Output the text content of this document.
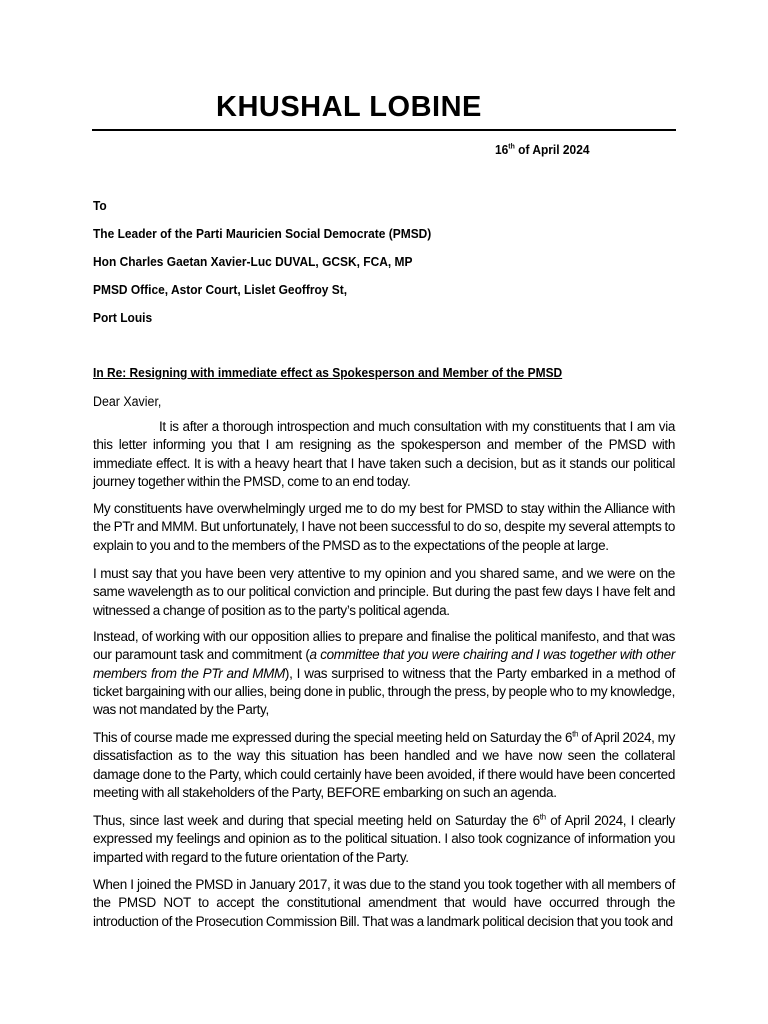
KHUSHAL LOBINE
16th of April 2024
To
The Leader of the Parti Mauricien Social Democrate (PMSD)
Hon Charles Gaetan Xavier-Luc DUVAL, GCSK, FCA, MP
PMSD Office, Astor Court, Lislet Geoffroy St,
Port Louis
In Re: Resigning with immediate effect as Spokesperson and Member of the PMSD
Dear Xavier,
It is after a thorough introspection and much consultation with my constituents that I am via this letter informing you that I am resigning as the spokesperson and member of the PMSD with immediate effect. It is with a heavy heart that I have taken such a decision, but as it stands our political journey together within the PMSD, come to an end today.
My constituents have overwhelmingly urged me to do my best for PMSD to stay within the Alliance with the PTr and MMM. But unfortunately, I have not been successful to do so, despite my several attempts to explain to you and to the members of the PMSD as to the expectations of the people at large.
I must say that you have been very attentive to my opinion and you shared same, and we were on the same wavelength as to our political conviction and principle. But during the past few days I have felt and witnessed a change of position as to the party’s political agenda.
Instead, of working with our opposition allies to prepare and finalise the political manifesto, and that was our paramount task and commitment (a committee that you were chairing and I was together with other members from the PTr and MMM), I was surprised to witness that the Party embarked in a method of ticket bargaining with our allies, being done in public, through the press, by people who to my knowledge, was not mandated by the Party,
This of course made me expressed during the special meeting held on Saturday the 6th of April 2024, my dissatisfaction as to the way this situation has been handled and we have now seen the collateral damage done to the Party, which could certainly have been avoided, if there would have been concerted meeting with all stakeholders of the Party, BEFORE embarking on such an agenda.
Thus, since last week and during that special meeting held on Saturday the 6th of April 2024, I clearly expressed my feelings and opinion as to the political situation. I also took cognizance of information you imparted with regard to the future orientation of the Party.
When I joined the PMSD in January 2017, it was due to the stand you took together with all members of the PMSD NOT to accept the constitutional amendment that would have occurred through the introduction of the Prosecution Commission Bill. That was a landmark political decision that you took and
